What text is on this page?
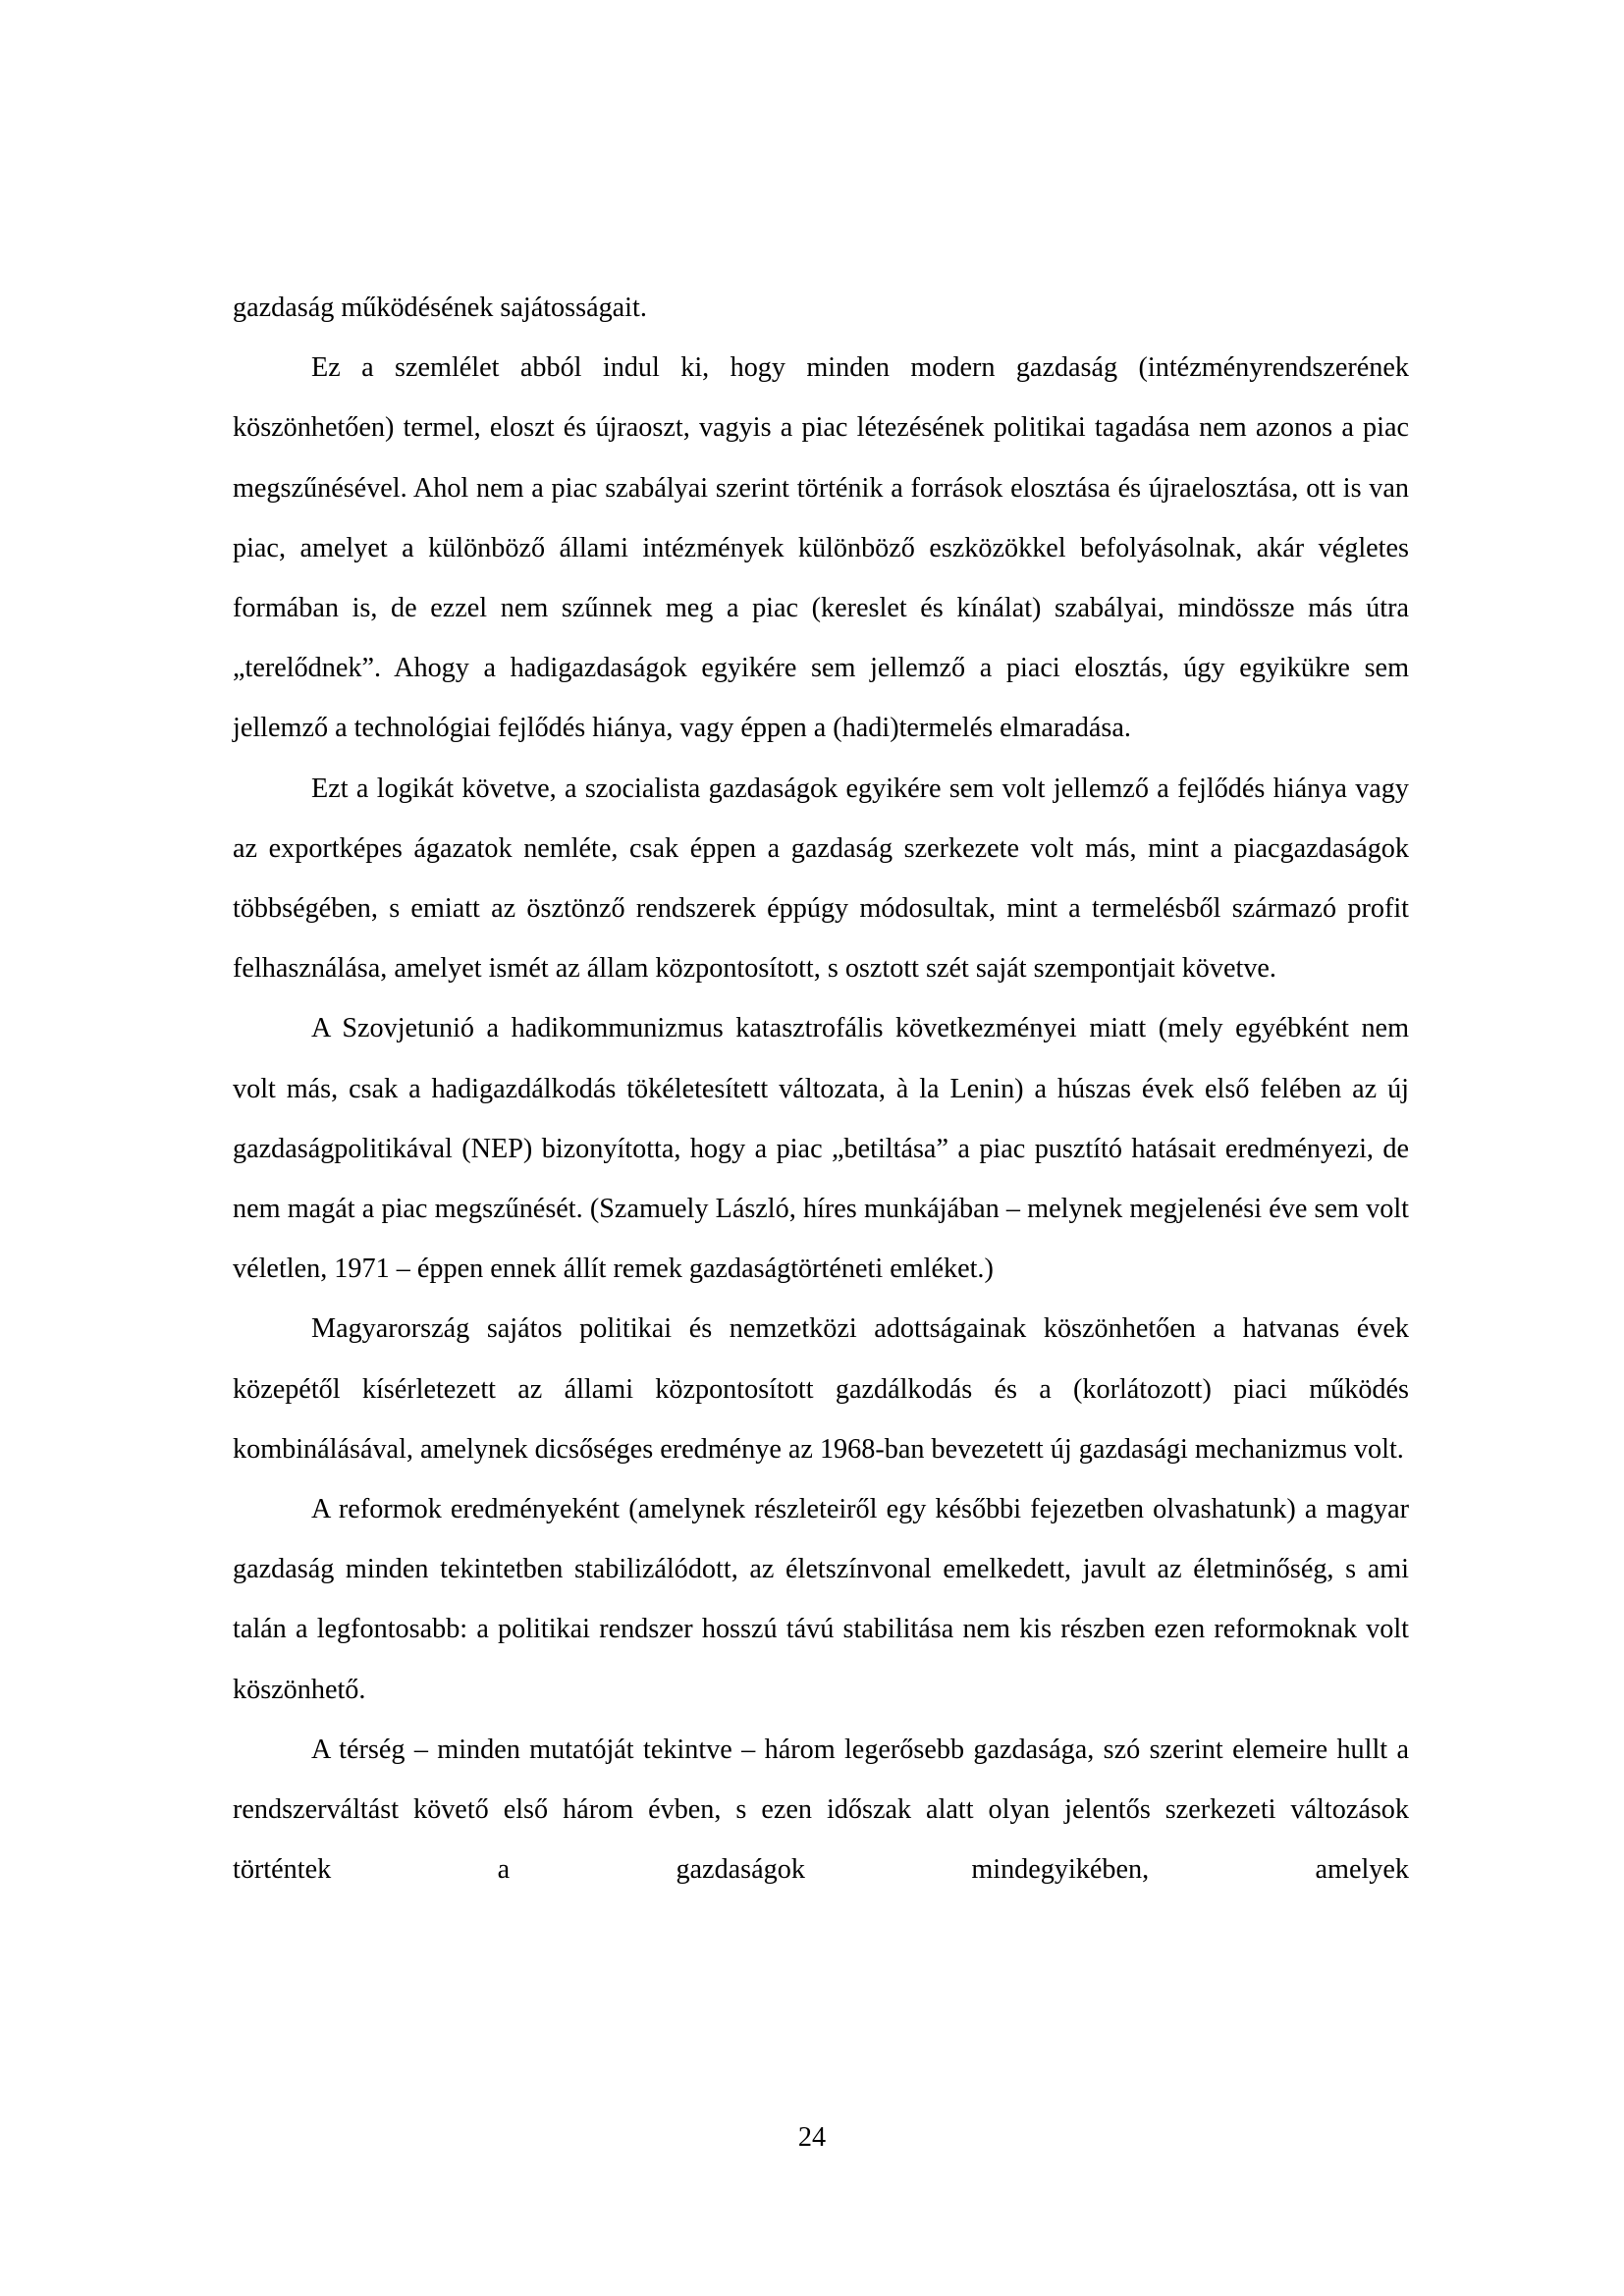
gazdaság működésének sajátosságait.

Ez a szemlélet abból indul ki, hogy minden modern gazdaság (intézményrendszerének köszönhetően) termel, eloszt és újraoszt, vagyis a piac létezésének politikai tagadása nem azonos a piac megszűnésével. Ahol nem a piac szabályai szerint történik a források elosztása és újraelosztása, ott is van piac, amelyet a különböző állami intézmények különböző eszközökkel befolyásolnak, akár végletes formában is, de ezzel nem szűnnek meg a piac (kereslet és kínálat) szabályai, mindössze más útra „terelődnek”. Ahogy a hadigazdaságok egyikére sem jellemző a piaci elosztás, úgy egyikükre sem jellemző a technológiai fejlődés hiánya, vagy éppen a (hadi)termelés elmaradása.

Ezt a logikát követve, a szocialista gazdaságok egyikére sem volt jellemző a fejlődés hiánya vagy az exportképes ágazatok nemléte, csak éppen a gazdaság szerkezete volt más, mint a piacgazdaságok többségében, s emiatt az ösztönző rendszerek éppúgy módosultak, mint a termelésből származó profit felhasználása, amelyet ismét az állam központosított, s osztott szét saját szempontjait követve.

A Szovjetunió a hadikommunizmus katasztrofális következményei miatt (mely egyébként nem volt más, csak a hadigazdálkodás tökéletesített változata, à la Lenin) a húszas évek első felében az új gazdaságpolitikával (NEP) bizonyította, hogy a piac „betiltása” a piac pusztító hatásait eredményezi, de nem magát a piac megszűnését. (Szamuely László, híres munkájában – melynek megjelenési éve sem volt véletlen, 1971 – éppen ennek állít remek gazdaságtörténeti emléket.)

Magyarország sajátos politikai és nemzetközi adottságainak köszönhetően a hatvanas évek közepétől kísérletezett az állami központosított gazdálkodás és a (korlátozott) piaci működés kombinálásával, amelynek dicsőséges eredménye az 1968-ban bevezetett új gazdasági mechanizmus volt.

A reformok eredményeként (amelynek részleteiről egy későbbi fejezetben olvashatunk) a magyar gazdaság minden tekintetben stabilizálódott, az életszínvonal emelkedett, javult az életminőség, s ami talán a legfontosabb: a politikai rendszer hosszú távú stabilitása nem kis részben ezen reformoknak volt köszönhető.

A térség – minden mutatóját tekintve – három legerősebb gazdasága, szó szerint elemeire hullt a rendszerváltást követő első három évben, s ezen időszak alatt olyan jelentős szerkezeti változások történtek a gazdaságok mindegyikében, amelyek

24
